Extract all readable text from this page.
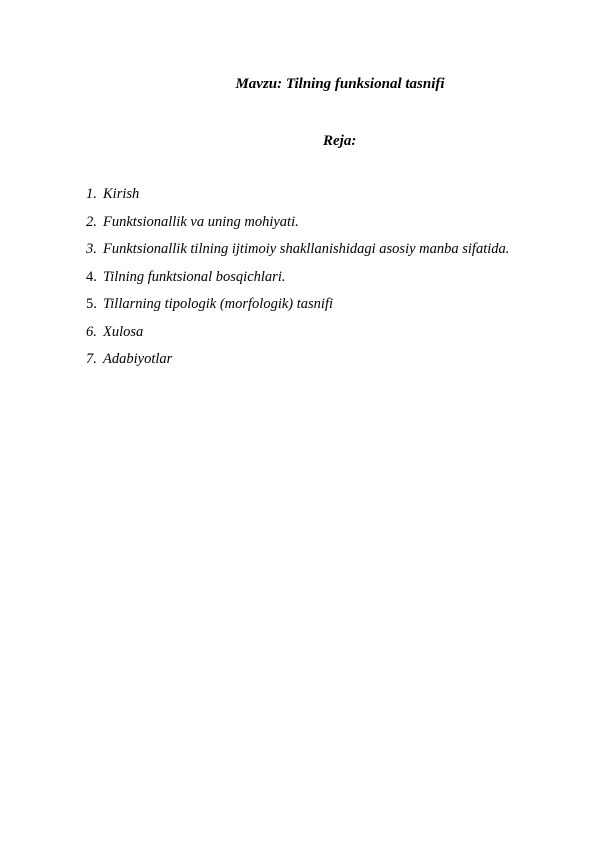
Mavzu: Tilning funksional tasnifi
Reja:
1. Kirish
2. Funktsionallik va uning mohiyati.
3. Funktsionallik tilning ijtimoiy shakllanishidagi asosiy manba sifatida.
4. Tilning funktsional bosqichlari.
5. Tillarning tipologik (morfologik) tasnifi
6. Xulosa
7. Adabiyotlar
